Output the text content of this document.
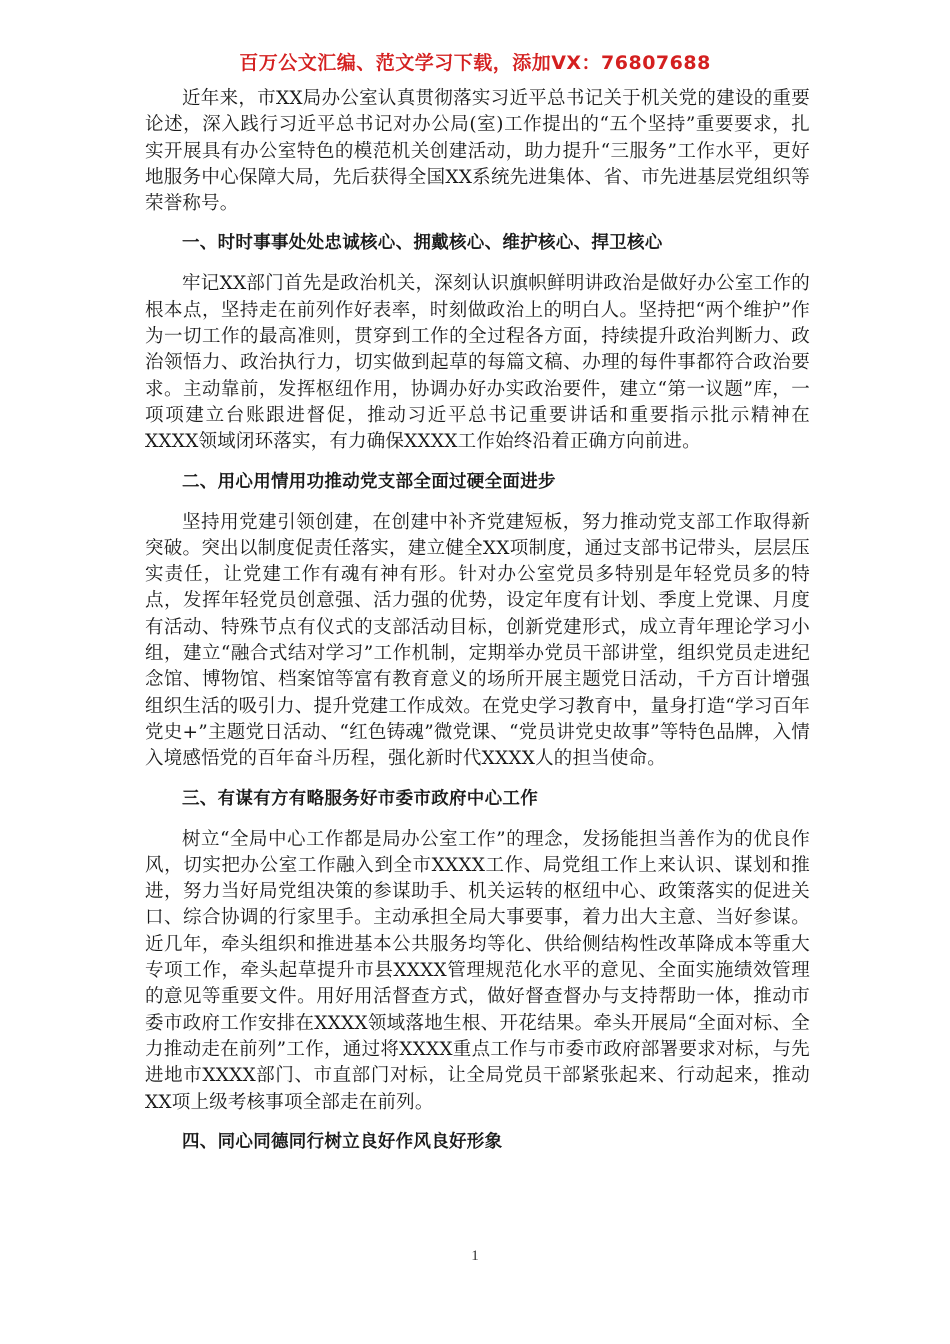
百万公文汇编、范文学习下载，添加VX：76807688

近年来，市XX局办公室认真贯彻落实习近平总书记关于机关党的建设的重要论述，深入践行习近平总书记对办公局(室)工作提出的“五个坚持”重要要求，扎实开展具有办公室特色的模范机关创建活动，助力提升“三服务”工作水平，更好地服务中心保障大局，先后获得全国XX系统先进集体、省、市先进基层党组织等荣誉称号。

一、时时事事处处忠诚核心、拥戴核心、维护核心、捍卫核心

牢记XX部门首先是政治机关，深刻认识旗帜鲜明讲政治是做好办公室工作的根本点，坚持走在前列作好表率，时刻做政治上的明白人。坚持把“两个维护”作为一切工作的最高准则，贯穿到工作的全过程各方面，持续提升政治判断力、政治领悟力、政治执行力，切实做到起草的每篇文稿、办理的每件事都符合政治要求。主动靠前，发挥枢纽作用，协调办好办实政治要件，建立“第一议题”库，一项项建立台账跟进督促，推动习近平总书记重要讲话和重要指示批示精神在XXXX领域闭环落实，有力确保XXXX工作始终沿着正确方向前进。

二、用心用情用功推动党支部全面过硬全面进步

坚持用党建引领创建，在创建中补齐党建短板，努力推动党支部工作取得新突破。突出以制度促责任落实，建立健全XX项制度，通过支部书记带头，层层压实责任，让党建工作有魂有神有形。针对办公室党员多特别是年轻党员多的特点，发挥年轻党员创意强、活力强的优势，设定年度有计划、季度上党课、月度有活动、特殊节点有仪式的支部活动目标，创新党建形式，成立青年理论学习小组，建立“融合式结对学习”工作机制，定期举办党员干部讲堂，组织党员走进纪念馆、博物馆、档案馆等富有教育意义的场所开展主题党日活动，千方百计增强组织生活的吸引力、提升党建工作成效。在党史学习教育中，量身打造“学习百年党史+”主题党日活动、“红色铸魂”微党课、“党员讲党史故事”等特色品牌，入情入境感悟党的百年奋斗历程，强化新时代XXXX人的担当使命。

三、有谋有方有略服务好市委市政府中心工作

树立“全局中心工作都是局办公室工作”的理念，发扬能担当善作为的优良作风，切实把办公室工作融入到全市XXXX工作、局党组工作上来认识、谋划和推进，努力当好局党组决策的参谋助手、机关运转的枢纽中心、政策落实的促进关口、综合协调的行家里手。主动承担全局大事要事，着力出大主意、当好参谋。近几年，牵头组织和推进基本公共服务均等化、供给侧结构性改革降成本等重大专项工作，牵头起草提升市县XXXX管理规范化水平的意见、全面实施绩效管理的意见等重要文件。用好用活督查方式，做好督查督办与支持帮助一体，推动市委市政府工作安排在XXXX领域落地生根、开花结果。牵头开展局“全面对标、全力推动走在前列”工作，通过将XXXX重点工作与市委市政府部署要求对标，与先进地市XXXX部门、市直部门对标，让全局党员干部紧张起来、行动起来，推动XX项上级考核事项全部走在前列。

四、同心同德同行树立良好作风良好形象
1
